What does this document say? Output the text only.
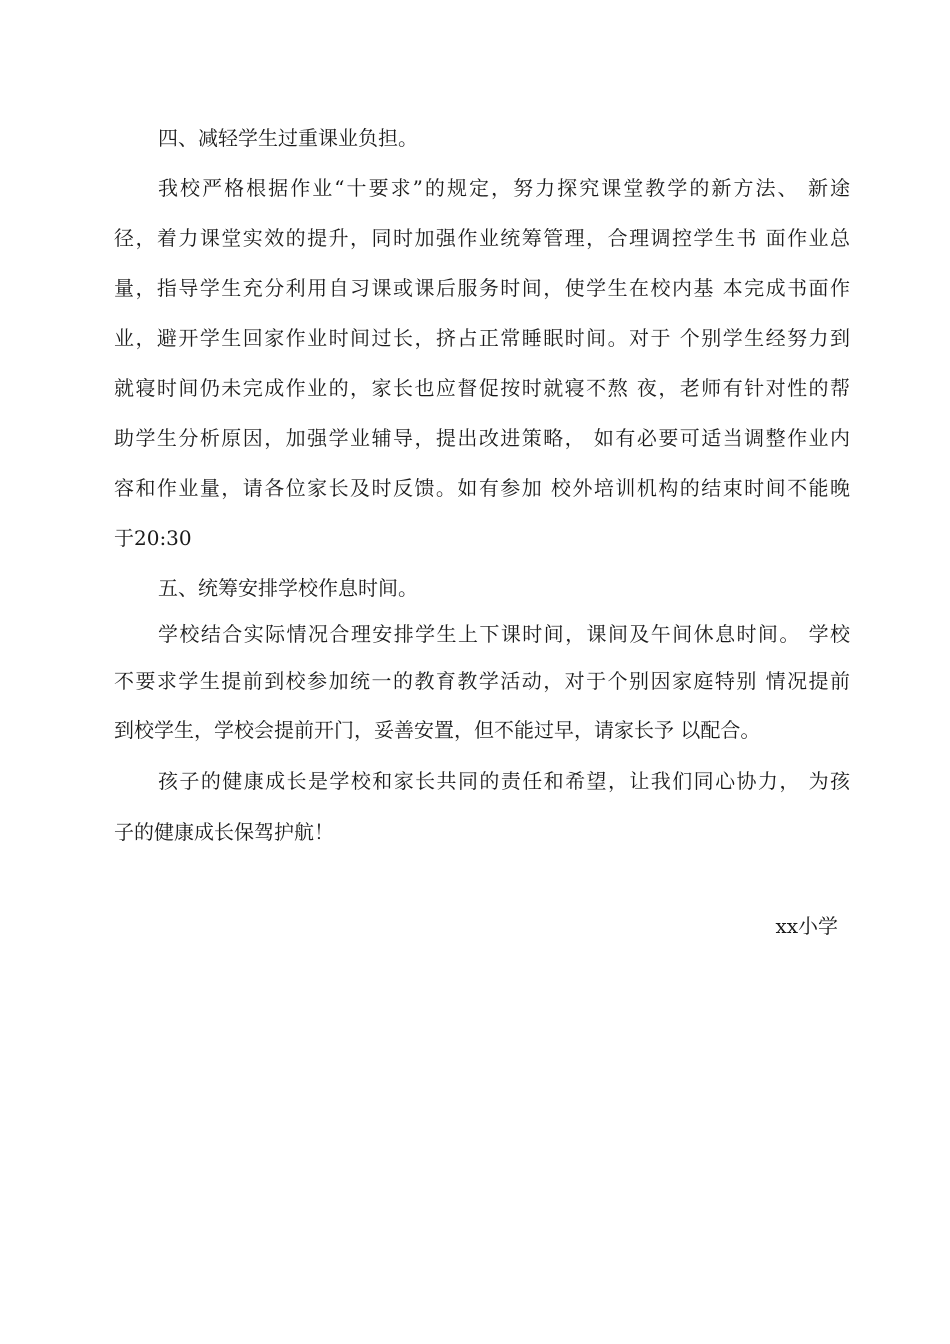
四、减轻学生过重课业负担。
我校严格根据作业“十要求”的规定，努力探究课堂教学的新方法、 新途
径，着力课堂实效的提升，同时加强作业统筹管理，合理调控学生书 面作业总
量，指导学生充分利用自习课或课后服务时间，使学生在校内基 本完成书面作
业，避开学生回家作业时间过长，挤占正常睡眠时间。对于 个别学生经努力到
就寝时间仍未完成作业的，家长也应督促按时就寝不熬 夜，老师有针对性的帮
助学生分析原因，加强学业辅导，提出改进策略， 如有必要可适当调整作业内
容和作业量，请各位家长及时反馈。如有参加 校外培训机构的结束时间不能晚
于20:30
五、统筹安排学校作息时间。
学校结合实际情况合理安排学生上下课时间，课间及午间休息时间。 学校
不要求学生提前到校参加统一的教育教学活动，对于个别因家庭特别 情况提前
到校学生，学校会提前开门，妥善安置，但不能过早，请家长予 以配合。
孩子的健康成长是学校和家长共同的责任和希望，让我们同心协力， 为孩
子的健康成长保驾护航！
xx小学
